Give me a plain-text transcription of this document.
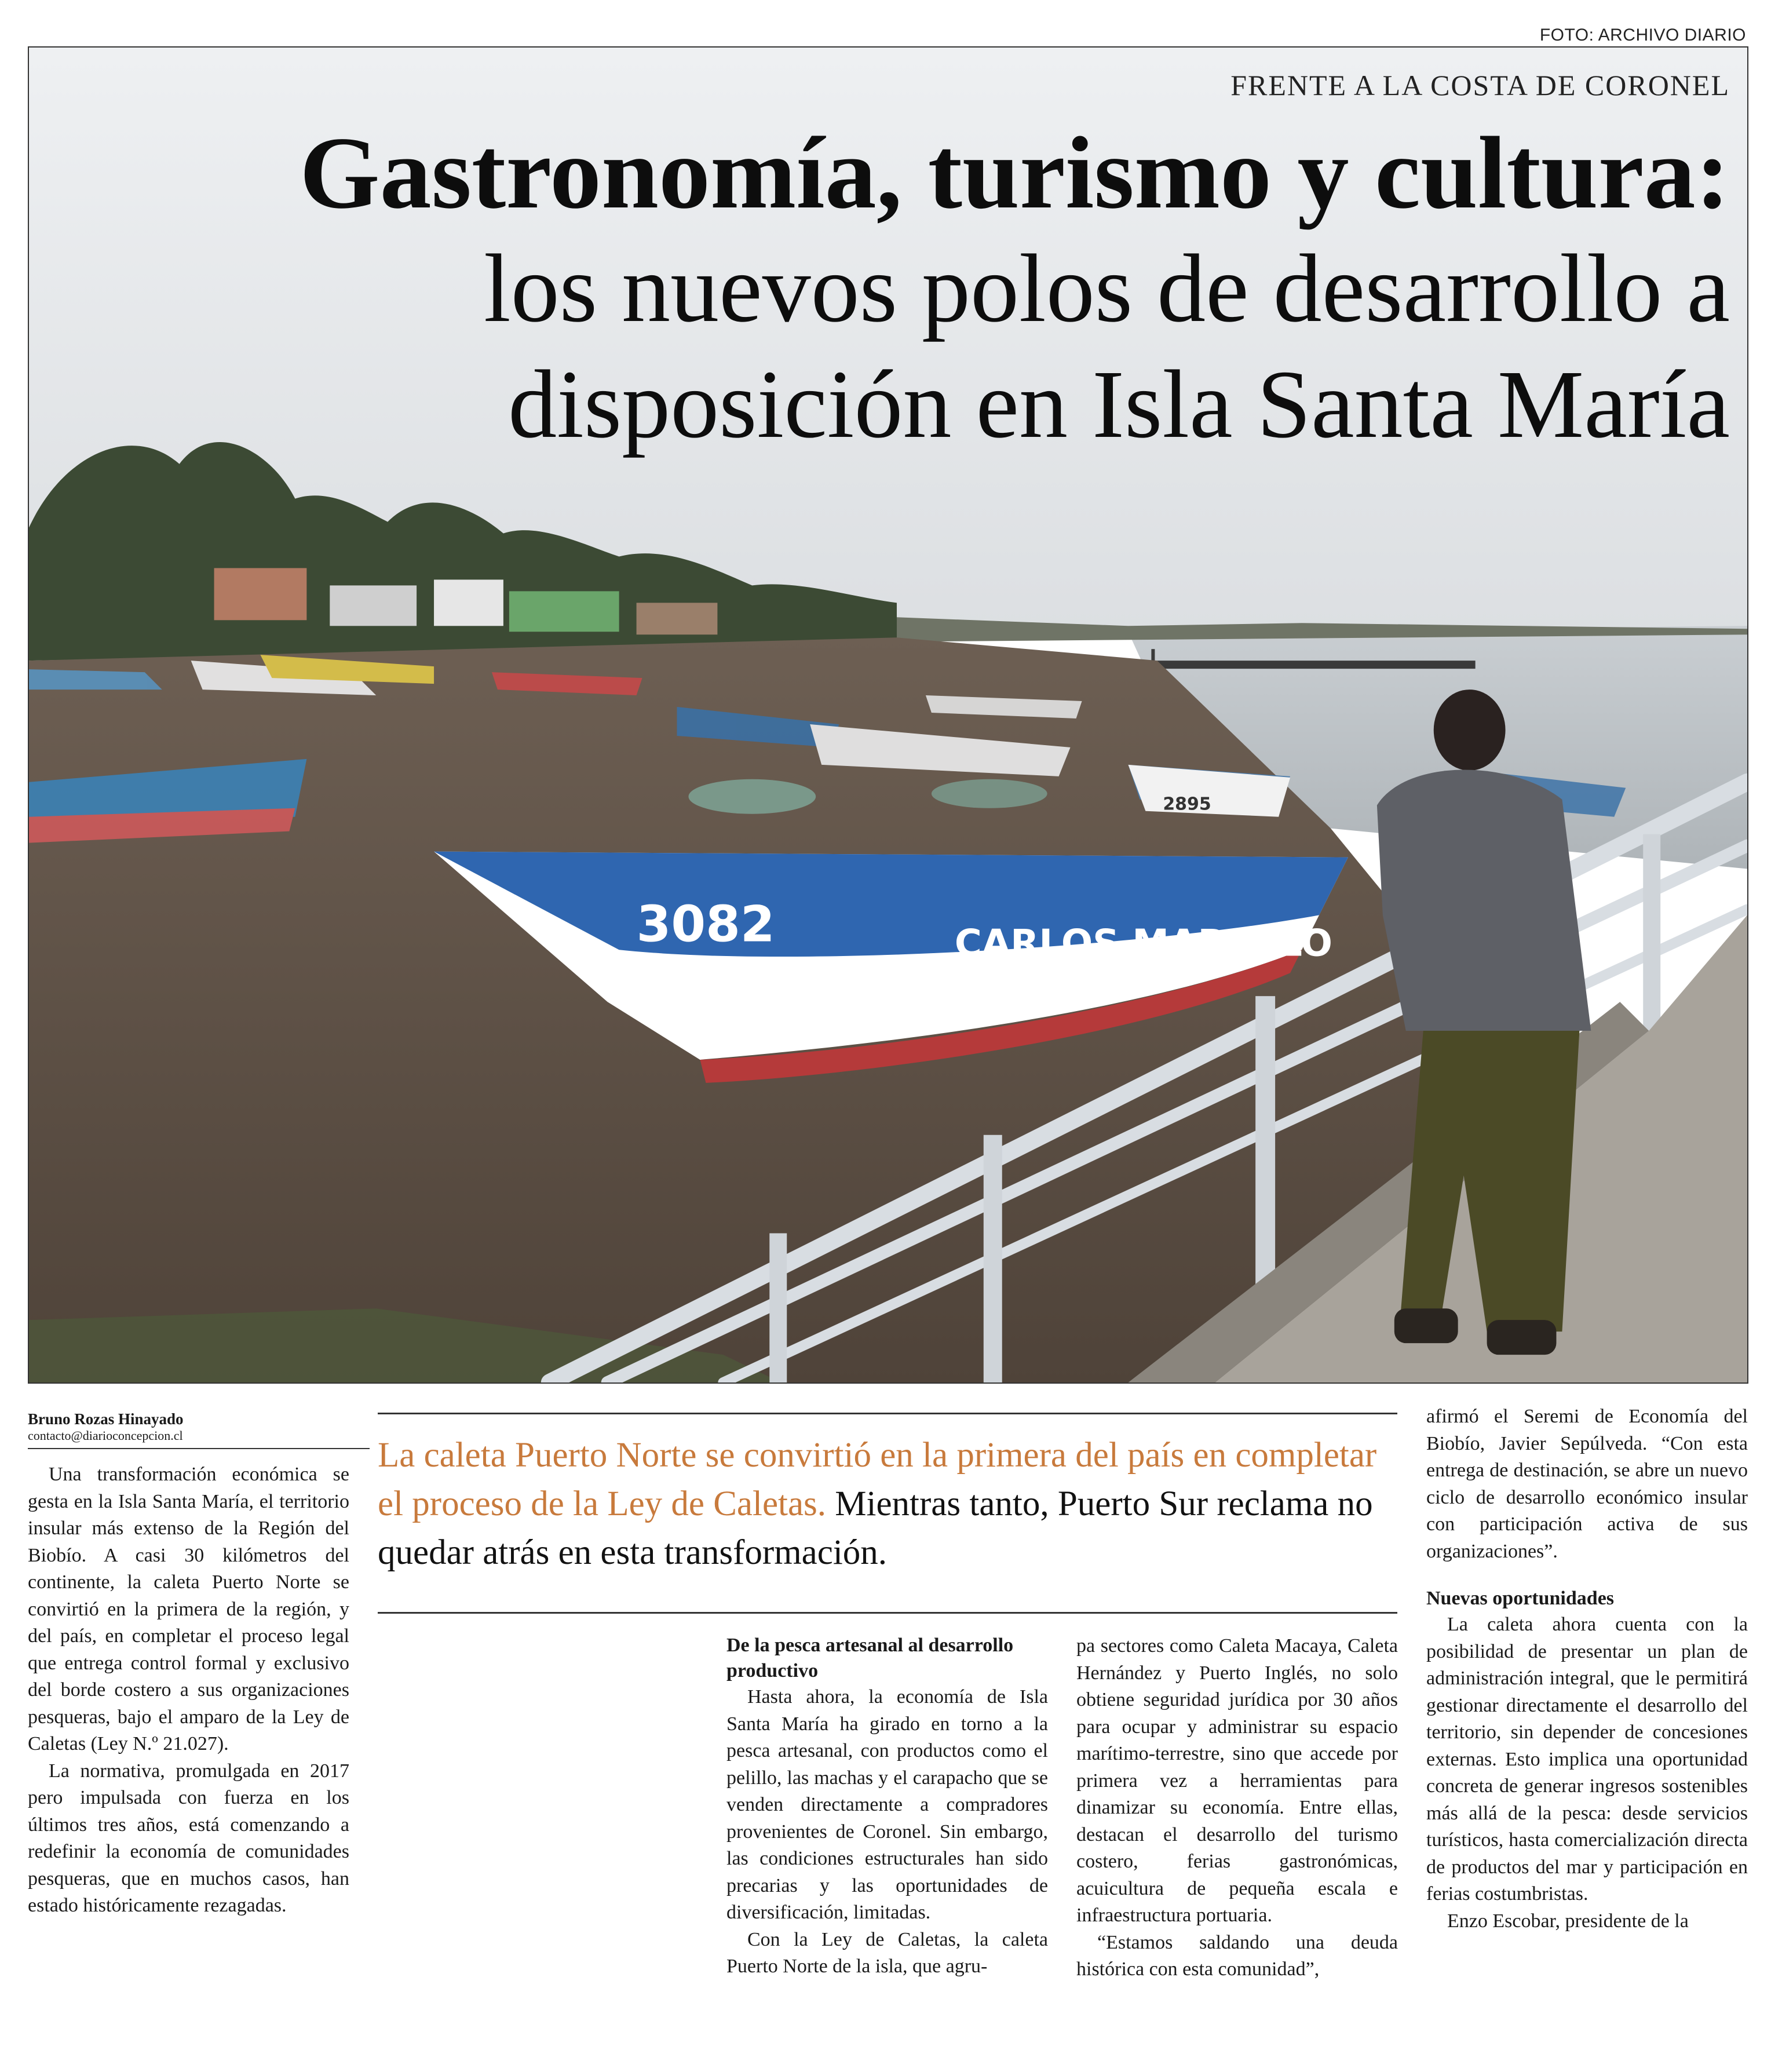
FOTO: ARCHIVO DIARIO
3082	CARLOS MARCELO
2895
FRENTE A LA COSTA DE CORONEL
Gastronomía, turismo y cultura:
los nuevos polos de desarrollo a
disposición en Isla Santa María
Bruno Rozas Hinayado
contacto@diarioconcepcion.cl

Una transformación económica se gesta en la Isla Santa María, el territorio insular más extenso de la Región del Biobío. A casi 30 kilómetros del continente, la caleta Puerto Norte se convirtió en la primera de la región, y del país, en completar el proceso legal que entrega control formal y exclusivo del borde costero a sus organizaciones pesqueras, bajo el amparo de la Ley de Caletas (Ley N.º 21.027).

La normativa, promulgada en 2017 pero impulsada con fuerza en los últimos tres años, está comenzando a redefinir la economía de comunidades pesqueras, que en muchos casos, han estado históricamente rezagadas.

La caleta Puerto Norte se convirtió en la primera del país en completar el proceso de la Ley de Caletas. Mientras tanto, Puerto Sur reclama no quedar atrás en esta transformación.
De la pesca artesanal al desarrollo productivo

Hasta ahora, la economía de Isla Santa María ha girado en torno a la pesca artesanal, con productos como el pelillo, las machas y el carapacho que se venden directamente a compradores provenientes de Coronel. Sin embargo, las condiciones estructurales han sido precarias y las oportunidades de diversificación, limitadas.

Con la Ley de Caletas, la caleta Puerto Norte de la isla, que agru-

pa sectores como Caleta Macaya, Caleta Hernández y Puerto Inglés, no solo obtiene seguridad jurídica por 30 años para ocupar y administrar su espacio marítimo-terrestre, sino que accede por primera vez a herramientas para dinamizar su economía. Entre ellas, destacan el desarrollo del turismo costero, ferias gastronómicas, acuicultura de pequeña escala e infraestructura portuaria.

“Estamos saldando una deuda histórica con esta comunidad”,

afirmó el Seremi de Economía del Biobío, Javier Sepúlveda. “Con esta entrega de destinación, se abre un nuevo ciclo de desarrollo económico insular con participación activa de sus organizaciones”.

Nuevas oportunidades

La caleta ahora cuenta con la posibilidad de presentar un plan de administración integral, que le permitirá gestionar directamente el desarrollo del territorio, sin depender de concesiones externas. Esto implica una oportunidad concreta de generar ingresos sostenibles más allá de la pesca: desde servicios turísticos, hasta comercialización directa de productos del mar y participación en ferias costumbristas.

Enzo Escobar, presidente de la
